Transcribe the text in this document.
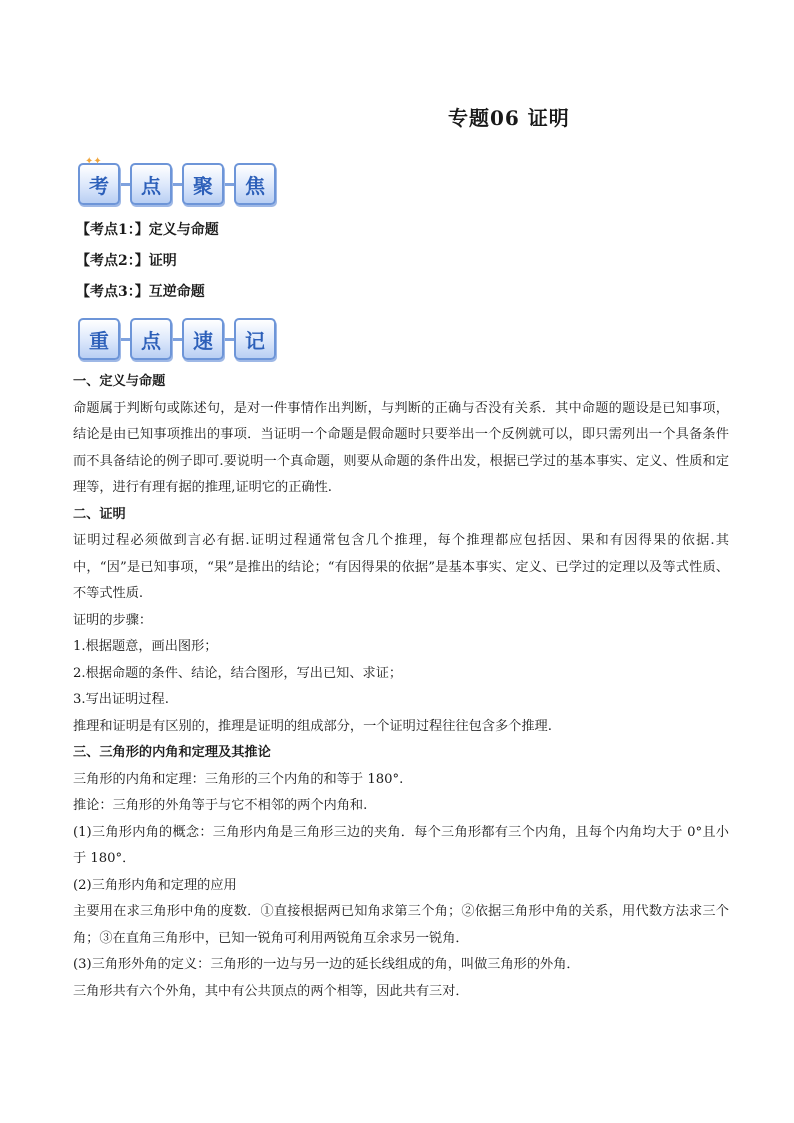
专题06 证明
✦✦
考 点 聚 焦
【考点1：】定义与命题
【考点2：】证明
【考点3：】互逆命题
重 点 速 记

一、定义与命题

命题属于判断句或陈述句，是对一件事情作出判断，与判断的正确与否没有关系．其中命题的题设是已知事项，结论是由已知事项推出的事项．当证明一个命题是假命题时只要举出一个反例就可以，即只需列出一个具备条件而不具备结论的例子即可.要说明一个真命题，则要从命题的条件出发，根据已学过的基本事实、定义、性质和定理等，进行有理有据的推理,证明它的正确性.

二、证明

证明过程必须做到言必有据.证明过程通常包含几个推理，每个推理都应包括因、果和有因得果的依据.其中，“因”是已知事项，“果”是推出的结论；“有因得果的依据”是基本事实、定义、已学过的定理以及等式性质、不等式性质.

证明的步骤：

1.根据题意，画出图形；

2.根据命题的条件、结论，结合图形，写出已知、求证；

3.写出证明过程.

推理和证明是有区别的，推理是证明的组成部分，一个证明过程往往包含多个推理.

三、三角形的内角和定理及其推论

三角形的内角和定理：三角形的三个内角的和等于 180°.

推论：三角形的外角等于与它不相邻的两个内角和.

(1)三角形内角的概念：三角形内角是三角形三边的夹角．每个三角形都有三个内角，且每个内角均大于 0°且小于 180°．

(2)三角形内角和定理的应用

主要用在求三角形中角的度数．①直接根据两已知角求第三个角；②依据三角形中角的关系，用代数方法求三个角；③在直角三角形中，已知一锐角可利用两锐角互余求另一锐角．

(3)三角形外角的定义：三角形的一边与另一边的延长线组成的角，叫做三角形的外角．

三角形共有六个外角，其中有公共顶点的两个相等，因此共有三对．
